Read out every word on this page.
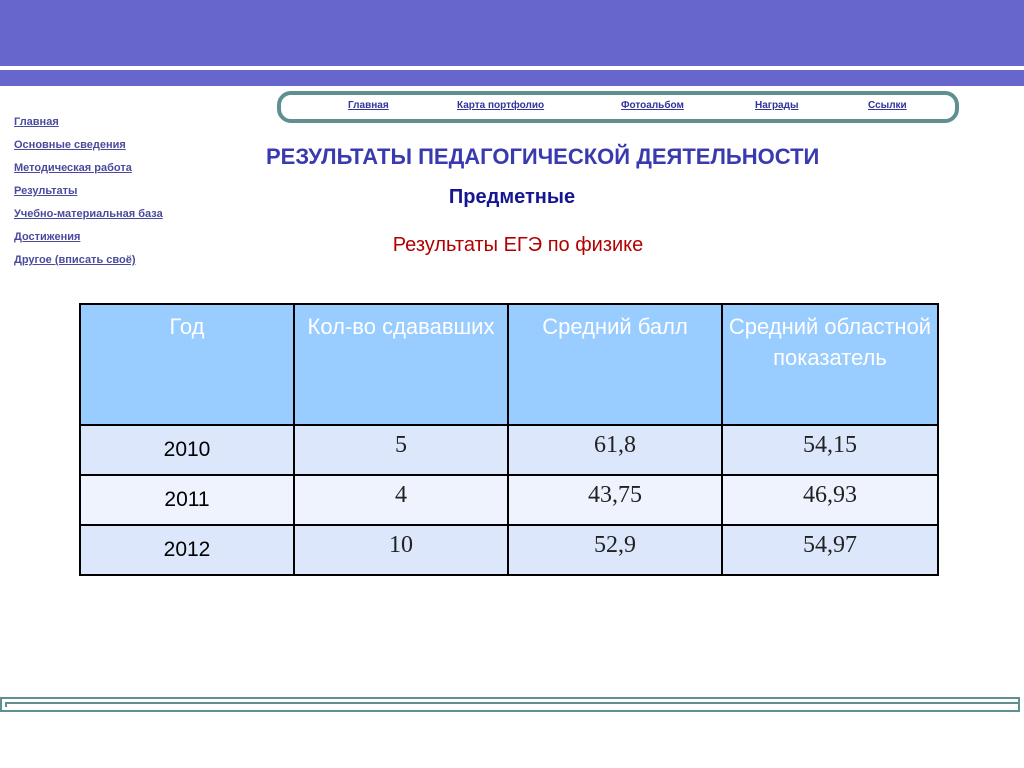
Главная	Карта портфолио	Фотоальбом	Награды	Ссылки
Главная
Основные сведения
Методическая работа
Результаты
Учебно-материальная база
Достижения
Другое (вписать своё)
РЕЗУЛЬТАТЫ ПЕДАГОГИЧЕСКОЙ ДЕЯТЕЛЬНОСТИ
Предметные

Результаты ЕГЭ по физике

Год	Кол-во сдававших	Средний балл	Средний областной показатель
2010	5	61,8	54,15
2011	4	43,75	46,93
2012	10	52,9	54,97
